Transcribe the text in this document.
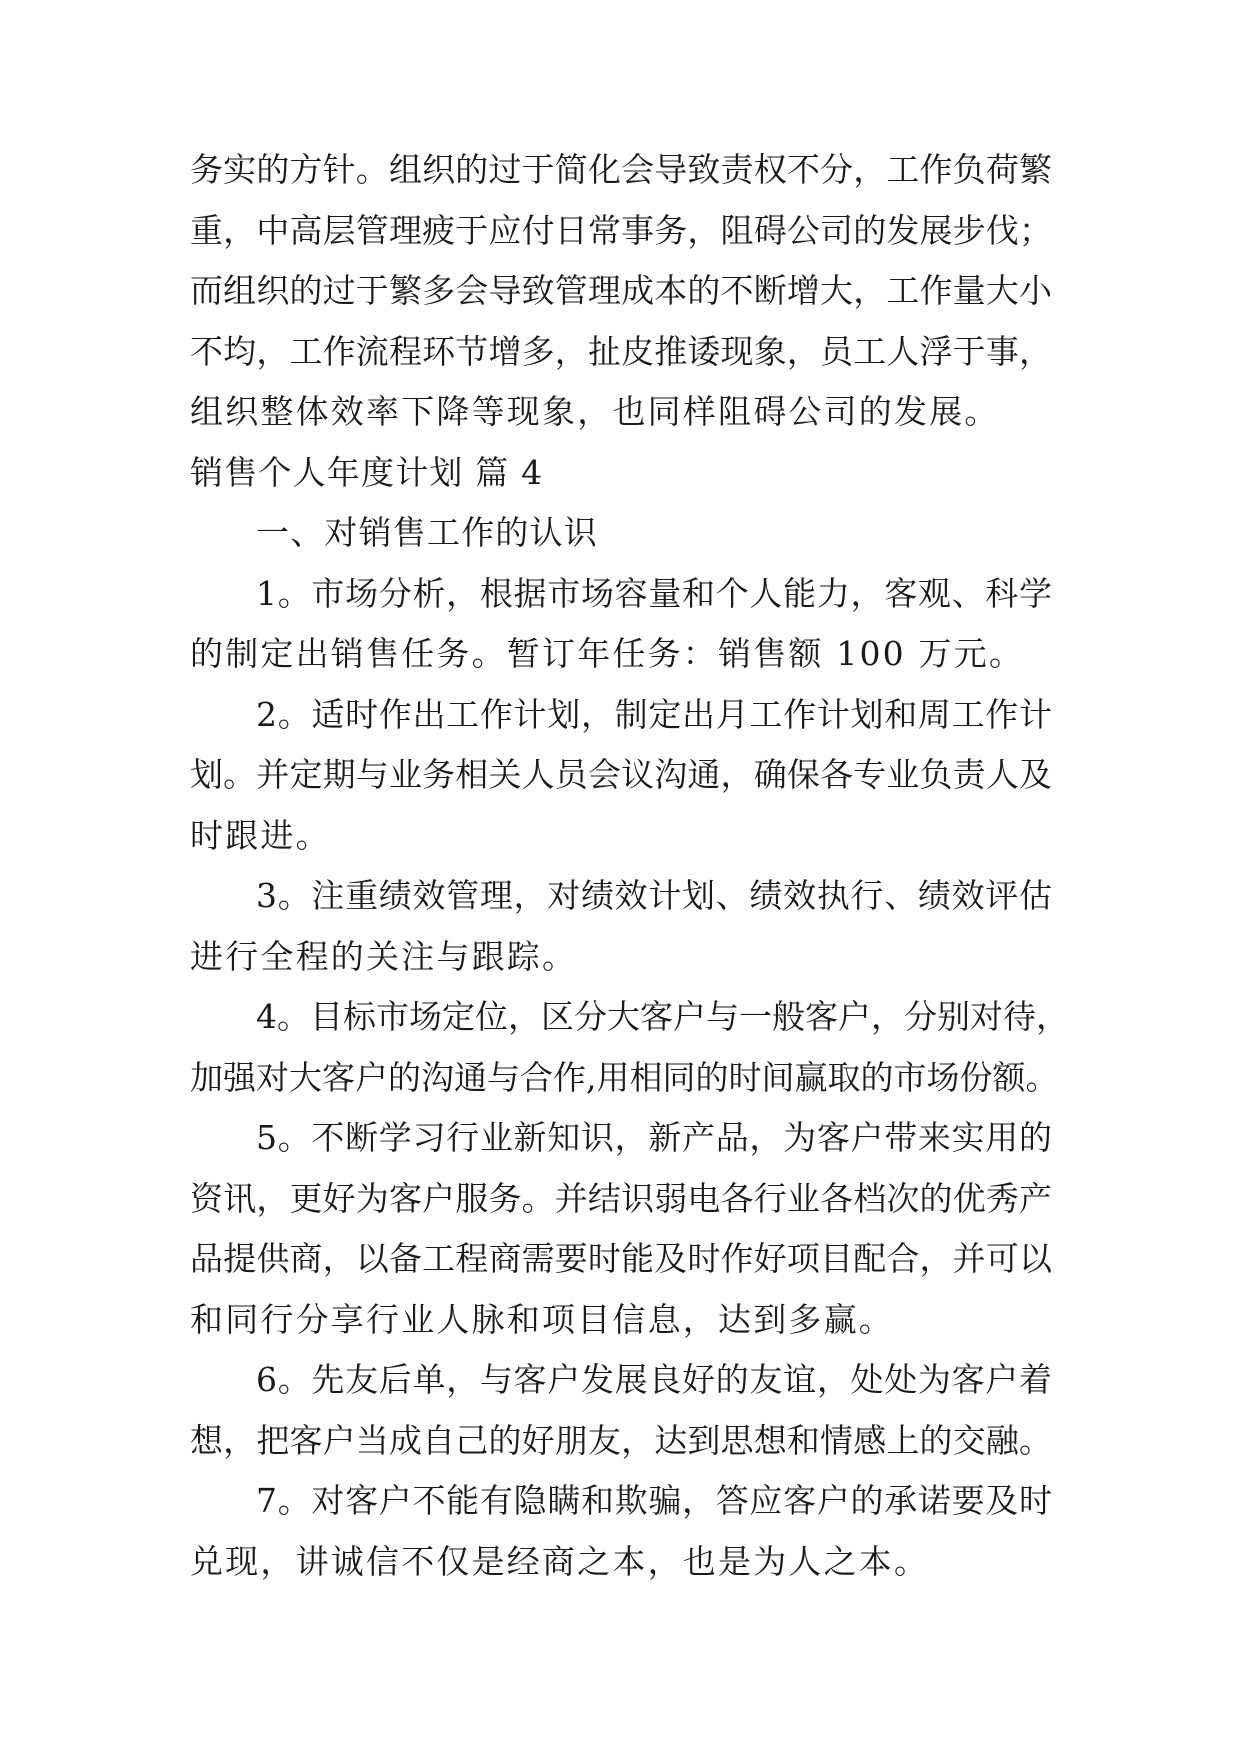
务实的方针。组织的过于简化会导致责权不分，工作负荷繁

重，中高层管理疲于应付日常事务，阻碍公司的发展步伐；

而组织的过于繁多会导致管理成本的不断增大，工作量大小

不均，工作流程环节增多，扯皮推诿现象，员工人浮于事，

组织整体效率下降等现象，也同样阻碍公司的发展。

销售个人年度计划 篇 4
一、对销售工作的认识

1。市场分析，根据市场容量和个人能力，客观、科学

的制定出销售任务。暂订年任务：销售额 100 万元。

2。适时作出工作计划，制定出月工作计划和周工作计

划。并定期与业务相关人员会议沟通，确保各专业负责人及

时跟进。

3。注重绩效管理，对绩效计划、绩效执行、绩效评估

进行全程的关注与跟踪。

4。目标市场定位，区分大客户与一般客户，分别对待，

加强对大客户的沟通与合作,用相同的时间赢取的市场份额。

5。不断学习行业新知识，新产品，为客户带来实用的

资讯，更好为客户服务。并结识弱电各行业各档次的优秀产

品提供商，以备工程商需要时能及时作好项目配合，并可以

和同行分享行业人脉和项目信息，达到多赢。

6。先友后单，与客户发展良好的友谊，处处为客户着

想，把客户当成自己的好朋友，达到思想和情感上的交融。

7。对客户不能有隐瞒和欺骗，答应客户的承诺要及时

兑现，讲诚信不仅是经商之本，也是为人之本。
